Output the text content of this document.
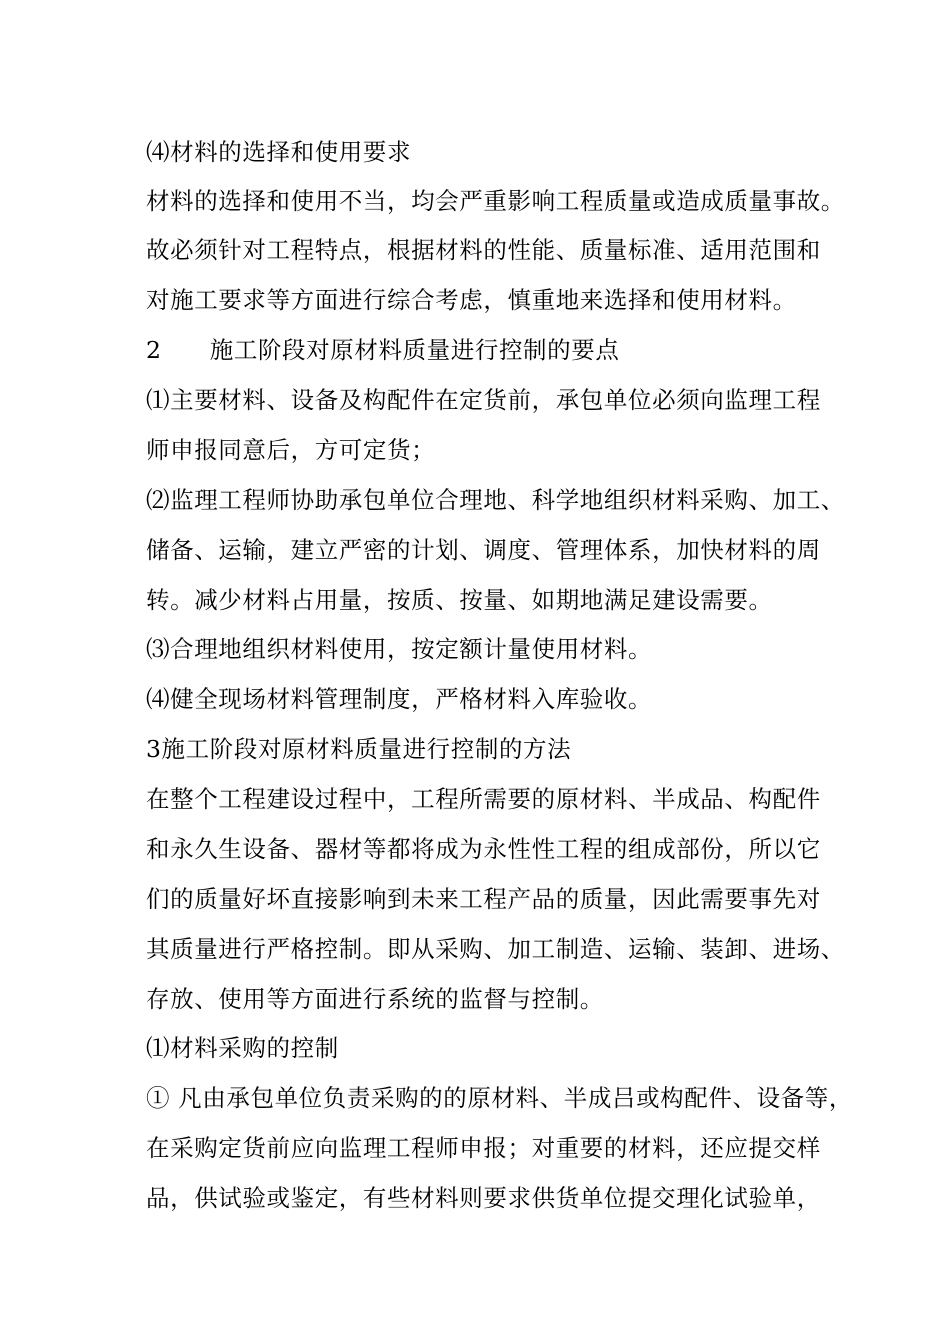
⑷材料的选择和使用要求
材料的选择和使用不当，均会严重影响工程质量或造成质量事故。
故必须针对工程特点，根据材料的性能、质量标准、适用范围和
对施工要求等方面进行综合考虑，慎重地来选择和使用材料。
2　　施工阶段对原材料质量进行控制的要点
⑴主要材料、设备及构配件在定货前，承包单位必须向监理工程
师申报同意后，方可定货；
⑵监理工程师协助承包单位合理地、科学地组织材料采购、加工、
储备、运输，建立严密的计划、调度、管理体系，加快材料的周
转。减少材料占用量，按质、按量、如期地满足建设需要。
⑶合理地组织材料使用，按定额计量使用材料。
⑷健全现场材料管理制度，严格材料入库验收。
3施工阶段对原材料质量进行控制的方法
在整个工程建设过程中，工程所需要的原材料、半成品、构配件
和永久生设备、器材等都将成为永性性工程的组成部份，所以它
们的质量好坏直接影响到未来工程产品的质量，因此需要事先对
其质量进行严格控制。即从采购、加工制造、运输、装卸、进场、
存放、使用等方面进行系统的监督与控制。
⑴材料采购的控制
① 凡由承包单位负责采购的的原材料、半成吕或构配件、设备等，
在采购定货前应向监理工程师申报；对重要的材料，还应提交样
品，供试验或鉴定，有些材料则要求供货单位提交理化试验单，
